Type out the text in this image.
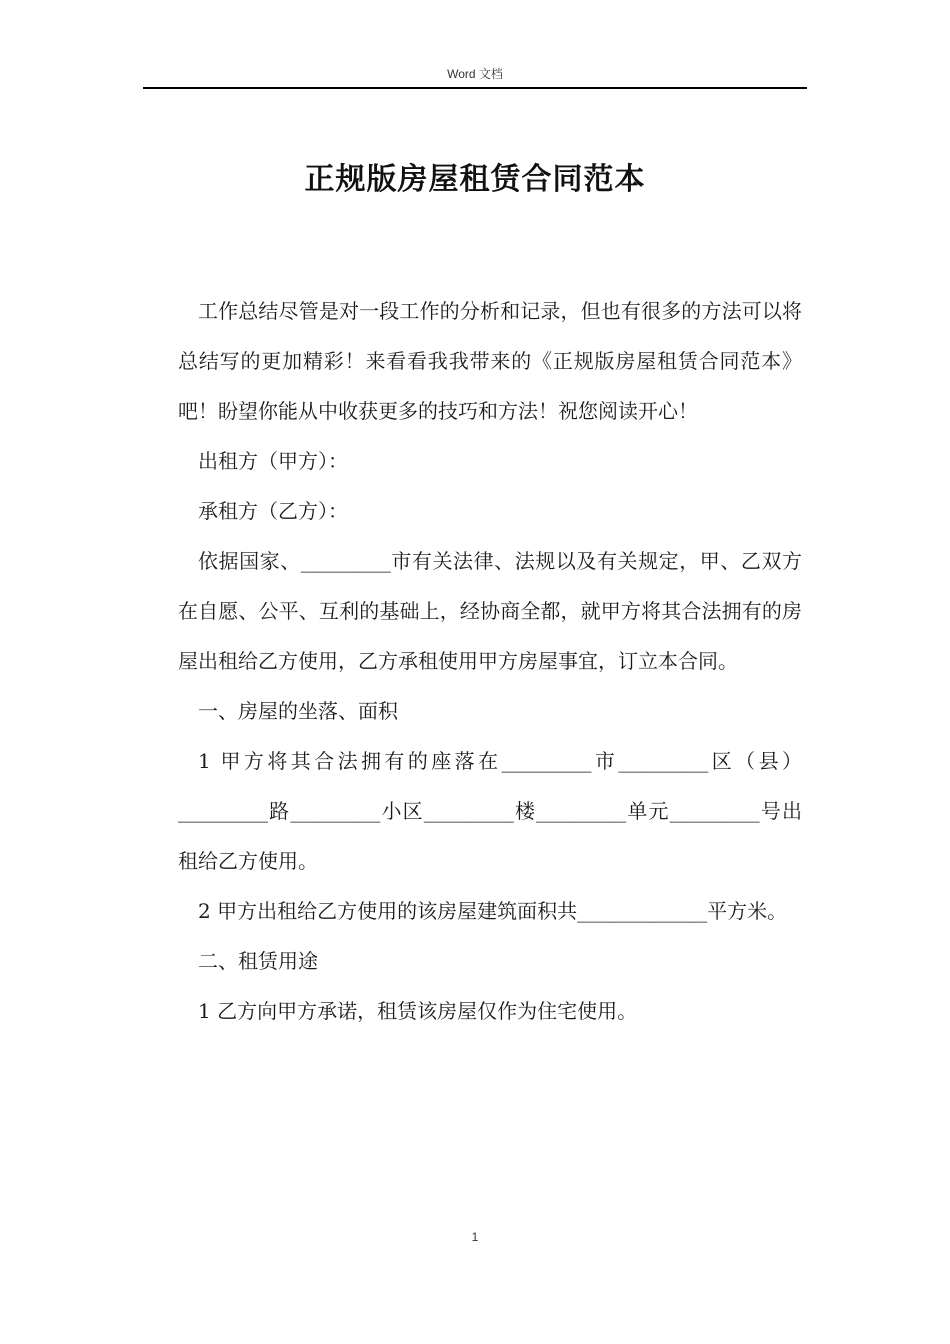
Word 文档
正规版房屋租赁合同范本

工作总结尽管是对一段工作的分析和记录，但也有很多的方法可以将总结写的更加精彩！来看看我我带来的《正规版房屋租赁合同范本》吧！盼望你能从中收获更多的技巧和方法！祝您阅读开心！

出租方（甲方）：

承租方（乙方）：

依据国家、_________市有关法律、法规以及有关规定，甲、乙双方在自愿、公平、互利的基础上，经协商全都，就甲方将其合法拥有的房屋出租给乙方使用，乙方承租使用甲方房屋事宜，订立本合同。

一、房屋的坐落、面积

1 甲方将其合法拥有的座落在_________市_________区（县）_________路_________小区_________楼_________单元_________号出租给乙方使用。

2 甲方出租给乙方使用的该房屋建筑面积共_____________平方米。

二、租赁用途

1 乙方向甲方承诺，租赁该房屋仅作为住宅使用。

1
